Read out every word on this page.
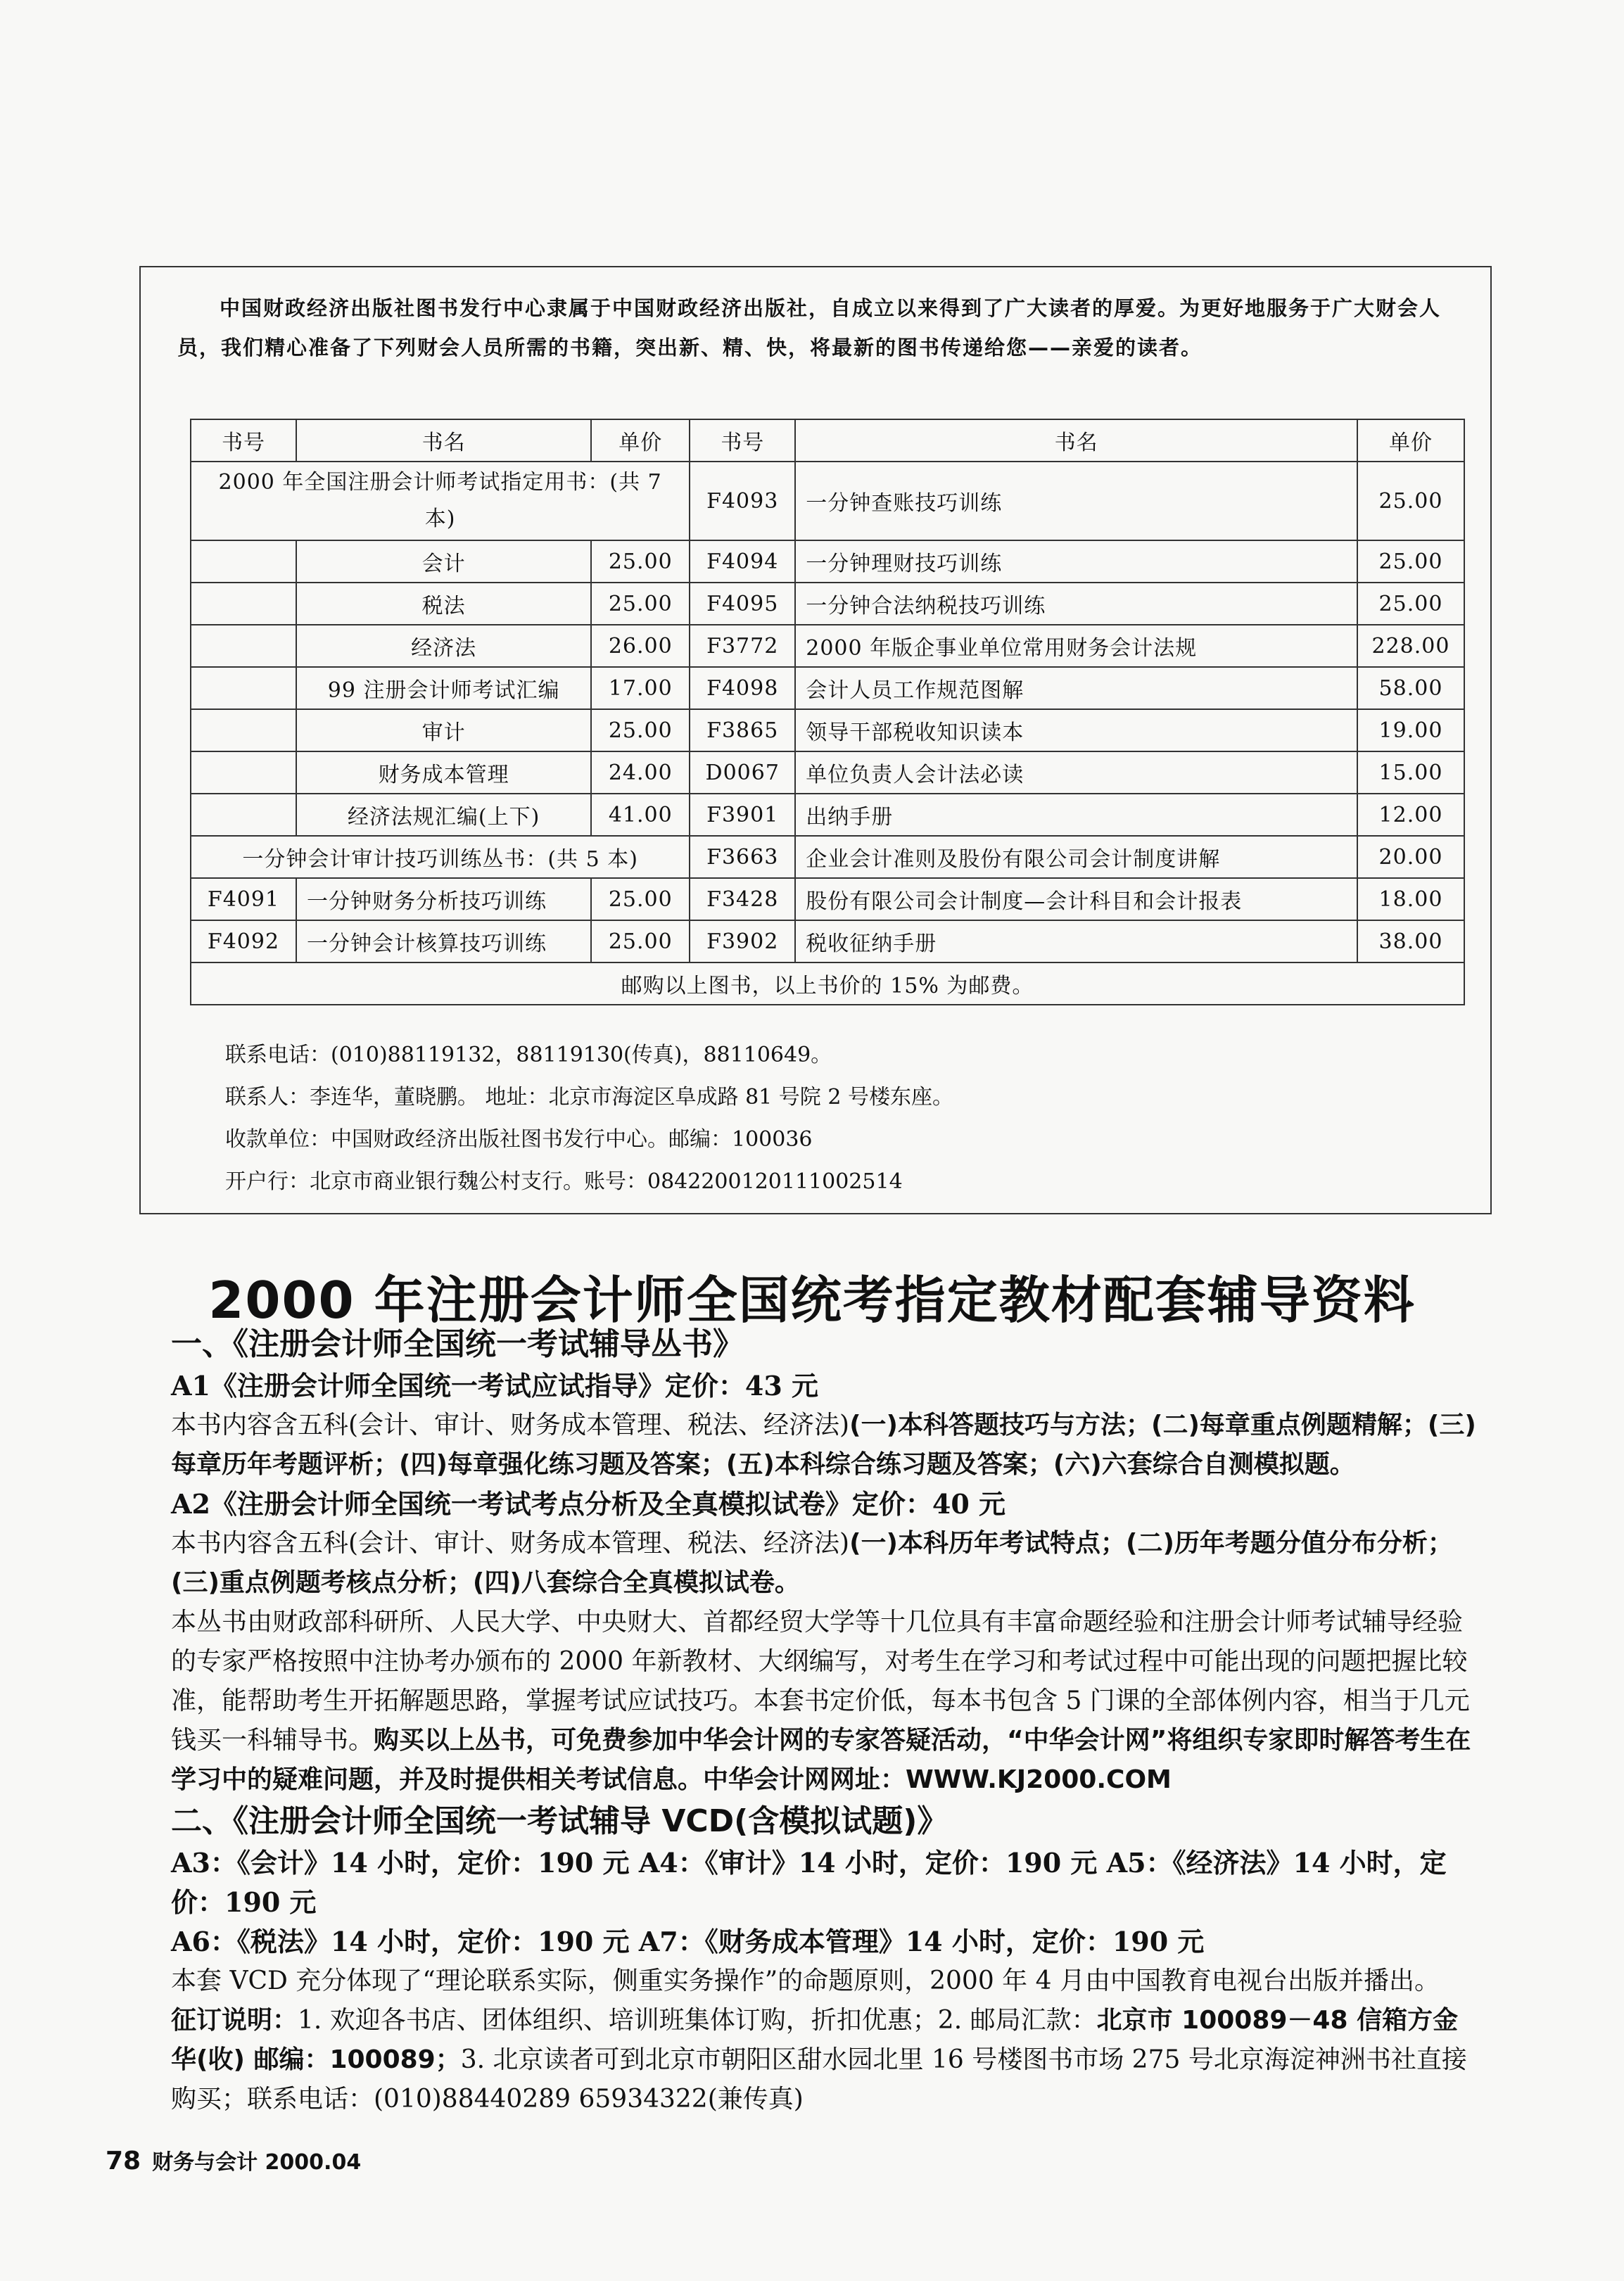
中国财政经济出版社图书发行中心隶属于中国财政经济出版社，自成立以来得到了广大读者的厚爱。为更好地服务于广大财会人员，我们精心准备了下列财会人员所需的书籍，突出新、精、快，将最新的图书传递给您——亲爱的读者。
书号	书名	单价	书号	书名	单价
2000 年全国注册会计师考试指定用书：(共 7 本)			F4093	一分钟查账技巧训练	25.00
	会计	25.00	F4094	一分钟理财技巧训练	25.00
	税法	25.00	F4095	一分钟合法纳税技巧训练	25.00
	经济法	26.00	F3772	2000 年版企事业单位常用财务会计法规	228.00
	99 注册会计师考试汇编	17.00	F4098	会计人员工作规范图解	58.00
	审计	25.00	F3865	领导干部税收知识读本	19.00
	财务成本管理	24.00	D0067	单位负责人会计法必读	15.00
	经济法规汇编(上下)	41.00	F3901	出纳手册	12.00
一分钟会计审计技巧训练丛书：(共 5 本)			F3663	企业会计准则及股份有限公司会计制度讲解	20.00
F4091	一分钟财务分析技巧训练	25.00	F3428	股份有限公司会计制度—会计科目和会计报表	18.00
F4092	一分钟会计核算技巧训练	25.00	F3902	税收征纳手册	38.00
邮购以上图书，以上书价的 15% 为邮费。					
联系电话：(010)88119132，88119130(传真)，88110649。
联系人：李连华，董晓鹏。 地址：北京市海淀区阜成路 81 号院 2 号楼东座。
收款单位：中国财政经济出版社图书发行中心。邮编：100036
开户行：北京市商业银行魏公村支行。账号：0842200120111002514
2000 年注册会计师全国统考指定教材配套辅导资料
一、《注册会计师全国统一考试辅导丛书》
A1《注册会计师全国统一考试应试指导》定价：43 元

本书内容含五科(会计、审计、财务成本管理、税法、经济法)(一)本科答题技巧与方法；(二)每章重点例题精解；(三)每章历年考题评析；(四)每章强化练习题及答案；(五)本科综合练习题及答案；(六)六套综合自测模拟题。

A2《注册会计师全国统一考试考点分析及全真模拟试卷》定价：40 元

本书内容含五科(会计、审计、财务成本管理、税法、经济法)(一)本科历年考试特点；(二)历年考题分值分布分析；(三)重点例题考核点分析；(四)八套综合全真模拟试卷。

本丛书由财政部科研所、人民大学、中央财大、首都经贸大学等十几位具有丰富命题经验和注册会计师考试辅导经验的专家严格按照中注协考办颁布的 2000 年新教材、大纲编写，对考生在学习和考试过程中可能出现的问题把握比较准，能帮助考生开拓解题思路，掌握考试应试技巧。本套书定价低，每本书包含 5 门课的全部体例内容，相当于几元钱买一科辅导书。购买以上丛书，可免费参加中华会计网的专家答疑活动，“中华会计网”将组织专家即时解答考生在学习中的疑难问题，并及时提供相关考试信息。中华会计网网址：WWW.KJ2000.COM

二、《注册会计师全国统一考试辅导 VCD(含模拟试题)》

A3：《会计》14 小时，定价：190 元 A4：《审计》14 小时，定价：190 元 A5：《经济法》14 小时，定价：190 元

A6：《税法》14 小时，定价：190 元 A7：《财务成本管理》14 小时，定价：190 元

本套 VCD 充分体现了“理论联系实际，侧重实务操作”的命题原则，2000 年 4 月由中国教育电视台出版并播出。

征订说明：1. 欢迎各书店、团体组织、培训班集体订购，折扣优惠；2. 邮局汇款：北京市 100089－48 信箱方金华(收) 邮编：100089；3. 北京读者可到北京市朝阳区甜水园北里 16 号楼图书市场 275 号北京海淀神洲书社直接购买；联系电话：(010)88440289 65934322(兼传真)

78 财务与会计 2000.04
